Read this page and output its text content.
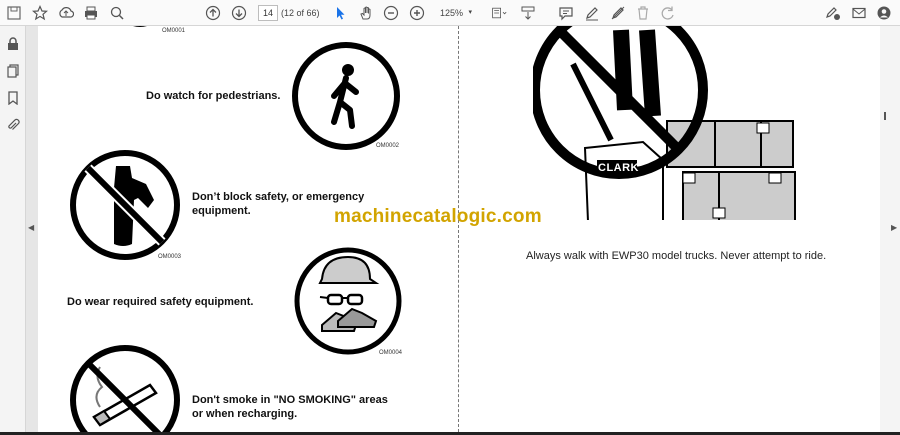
14 (12 of 66)	125% ▾
◀
OM0001
Do watch for pedestrians.
OM0002
Don’t block safety, or emergency
equipment.
OM0003
Do wear required safety equipment.
OM0004
Don't smoke in "NO SMOKING" areas
or when recharging.
CLARK
Always walk with EWP30 model trucks. Never attempt to ride.
machinecatalogic.com
▶
